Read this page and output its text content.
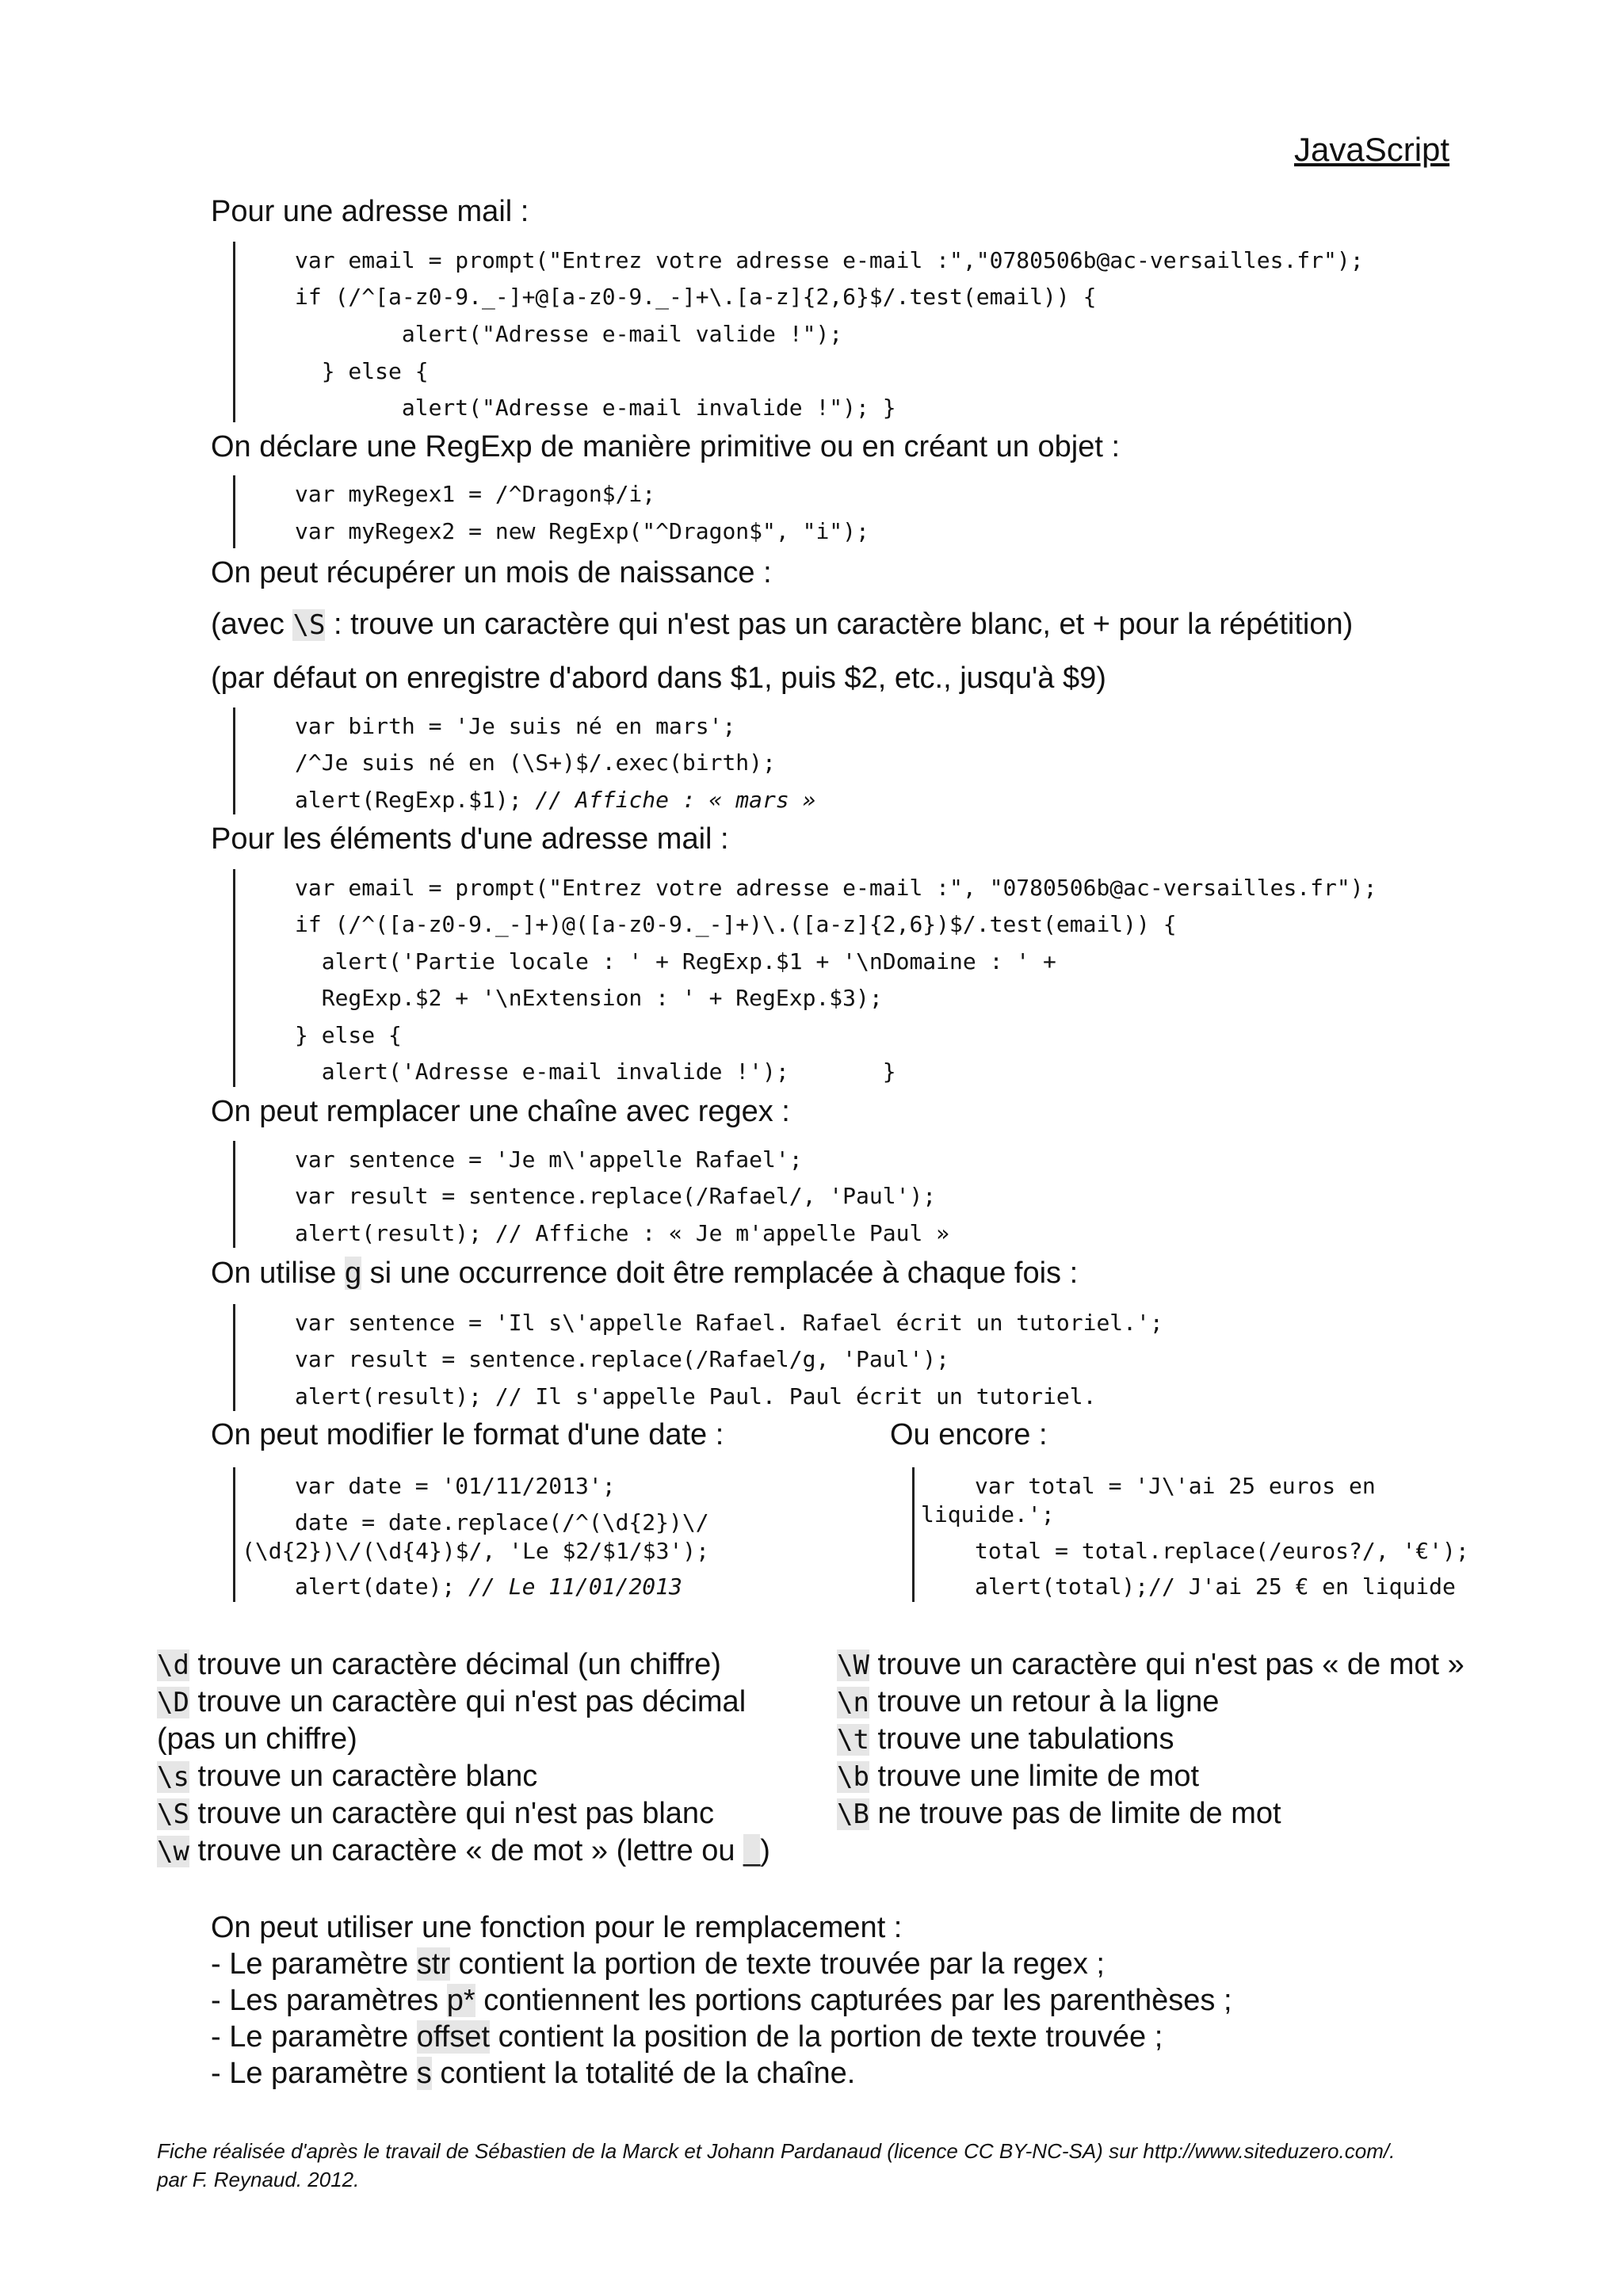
JavaScript
Pour une adresse mail :
var email = prompt("Entrez votre adresse e-mail :","0780506b@ac-versailles.fr");
if (/^[a-z0-9._-]+@[a-z0-9._-]+\.[a-z]{2,6}$/.test(email)) {
alert("Adresse e-mail valide !");
} else {
alert("Adresse e-mail invalide !"); }
On déclare une RegExp de manière primitive ou en créant un objet :
var myRegex1 = /^Dragon$/i;
var myRegex2 = new RegExp("^Dragon$", "i");
On peut récupérer un mois de naissance :
(avec \S : trouve un caractère qui n'est pas un caractère blanc, et + pour la répétition)
(par défaut on enregistre d'abord dans $1, puis $2, etc., jusqu'à $9)
var birth = 'Je suis né en mars';
/^Je suis né en (\S+)$/.exec(birth);
alert(RegExp.$1); // Affiche : « mars »
Pour les éléments d'une adresse mail :
var email = prompt("Entrez votre adresse e-mail :", "0780506b@ac-versailles.fr");
if (/^([a-z0-9._-]+)@([a-z0-9._-]+)\.([a-z]{2,6})$/.test(email)) {
alert('Partie locale : ' + RegExp.$1 + '\nDomaine : ' +
RegExp.$2 + '\nExtension : ' + RegExp.$3);
} else {
alert('Adresse e-mail invalide !');       }
On peut remplacer une chaîne avec regex :
var sentence = 'Je m\'appelle Rafael';
var result = sentence.replace(/Rafael/, 'Paul');
alert(result); // Affiche : « Je m'appelle Paul »
On utilise g si une occurrence doit être remplacée à chaque fois :
var sentence = 'Il s\'appelle Rafael. Rafael écrit un tutoriel.';
var result = sentence.replace(/Rafael/g, 'Paul');
alert(result); // Il s'appelle Paul. Paul écrit un tutoriel.
On peut modifier le format d'une date :
var date = '01/11/2013';
date = date.replace(/^(\d{2})\/
(\d{2})\/(\d{4})$/, 'Le $2/$1/$3');
alert(date); // Le 11/01/2013
Ou encore :
var total = 'J\'ai 25 euros en
liquide.';
total = total.replace(/euros?/, '€');
alert(total);// J'ai 25 € en liquide
\d trouve un caractère décimal (un chiffre)
\D trouve un caractère qui n'est pas décimal
(pas un chiffre)
\s trouve un caractère blanc
\S trouve un caractère qui n'est pas blanc
\w trouve un caractère « de mot » (lettre ou _)
\W trouve un caractère qui n'est pas « de mot »
\n trouve un retour à la ligne
\t trouve une tabulations
\b trouve une limite de mot
\B ne trouve pas de limite de mot
On peut utiliser une fonction pour le remplacement :
- Le paramètre str contient la portion de texte trouvée par la regex ;
- Les paramètres p* contiennent les portions capturées par les parenthèses ;
- Le paramètre offset contient la position de la portion de texte trouvée ;
- Le paramètre s contient la totalité de la chaîne.
Fiche réalisée d'après le travail de Sébastien de la Marck et Johann Pardanaud (licence CC BY-NC-SA) sur http://www.siteduzero.com/.
par F. Reynaud. 2012.
